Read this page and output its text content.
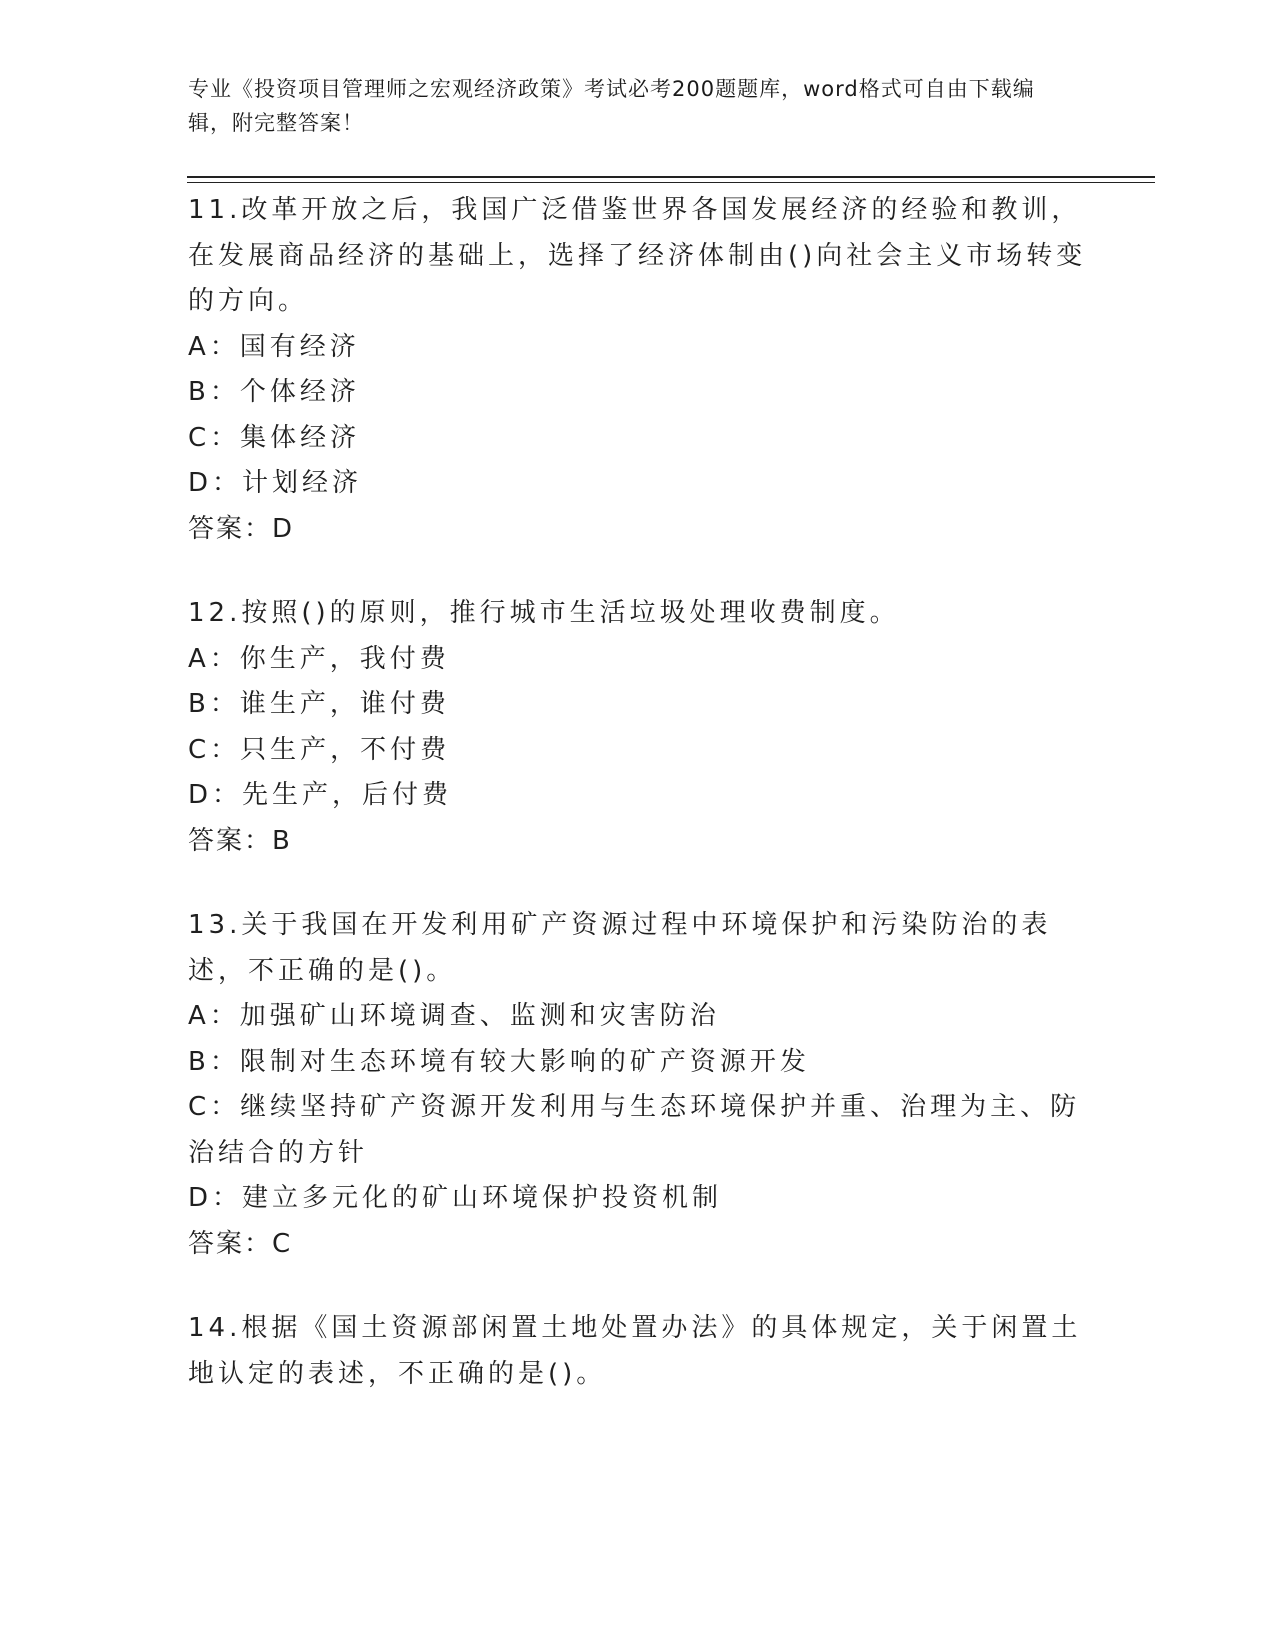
专业《投资项目管理师之宏观经济政策》考试必考200题题库，word格式可自由下载编辑，附完整答案！
11.改革开放之后，我国广泛借鉴世界各国发展经济的经验和教训，在发展商品经济的基础上，选择了经济体制由()向社会主义市场转变的方向。
A：国有经济
B：个体经济
C：集体经济
D：计划经济
答案：D
12.按照()的原则，推行城市生活垃圾处理收费制度。
A：你生产，我付费
B：谁生产，谁付费
C：只生产，不付费
D：先生产，后付费
答案：B
13.关于我国在开发利用矿产资源过程中环境保护和污染防治的表述，不正确的是()。
A：加强矿山环境调查、监测和灾害防治
B：限制对生态环境有较大影响的矿产资源开发
C：继续坚持矿产资源开发利用与生态环境保护并重、治理为主、防治结合的方针
D：建立多元化的矿山环境保护投资机制
答案：C
14.根据《国土资源部闲置土地处置办法》的具体规定，关于闲置土地认定的表述，不正确的是()。
